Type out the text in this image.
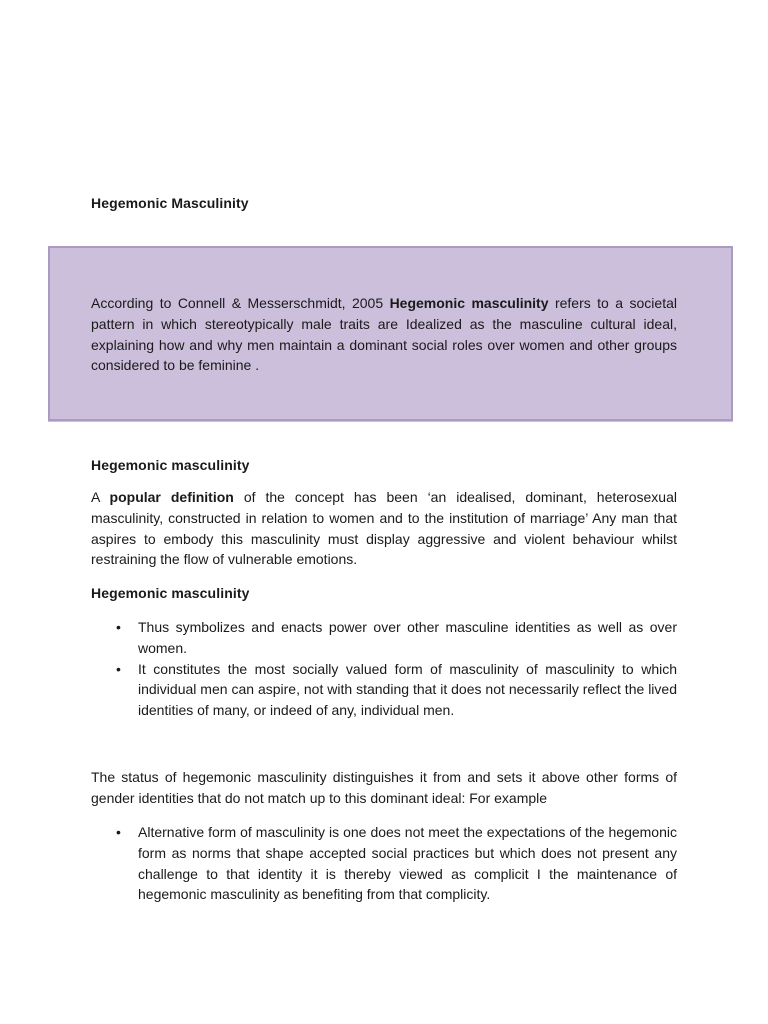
Hegemonic Masculinity
According to Connell & Messerschmidt, 2005 Hegemonic masculinity refers to a societal pattern in which stereotypically male traits are Idealized as the masculine cultural ideal, explaining how and why men maintain a dominant social roles over women and other groups considered to be feminine .
Hegemonic masculinity
A popular definition of the concept has been ‘an idealised, dominant, heterosexual masculinity, constructed in relation to women and to the institution of marriage’ Any man that aspires to embody this masculinity must display aggressive and violent behaviour whilst restraining the flow of vulnerable emotions.
Hegemonic masculinity
• Thus symbolizes and enacts power over other masculine identities as well as over women.
• It constitutes the most socially valued form of masculinity of masculinity to which individual men can aspire, not with standing that it does not necessarily reflect the lived identities of many, or indeed of any, individual men.
The status of hegemonic masculinity distinguishes it from and sets it above other forms of gender identities that do not match up to this dominant ideal: For example
• Alternative form of masculinity is one does not meet the expectations of the hegemonic form as norms that shape accepted social practices but which does not present any challenge to that identity it is thereby viewed as complicit I the maintenance of hegemonic masculinity as benefiting from that complicity.
